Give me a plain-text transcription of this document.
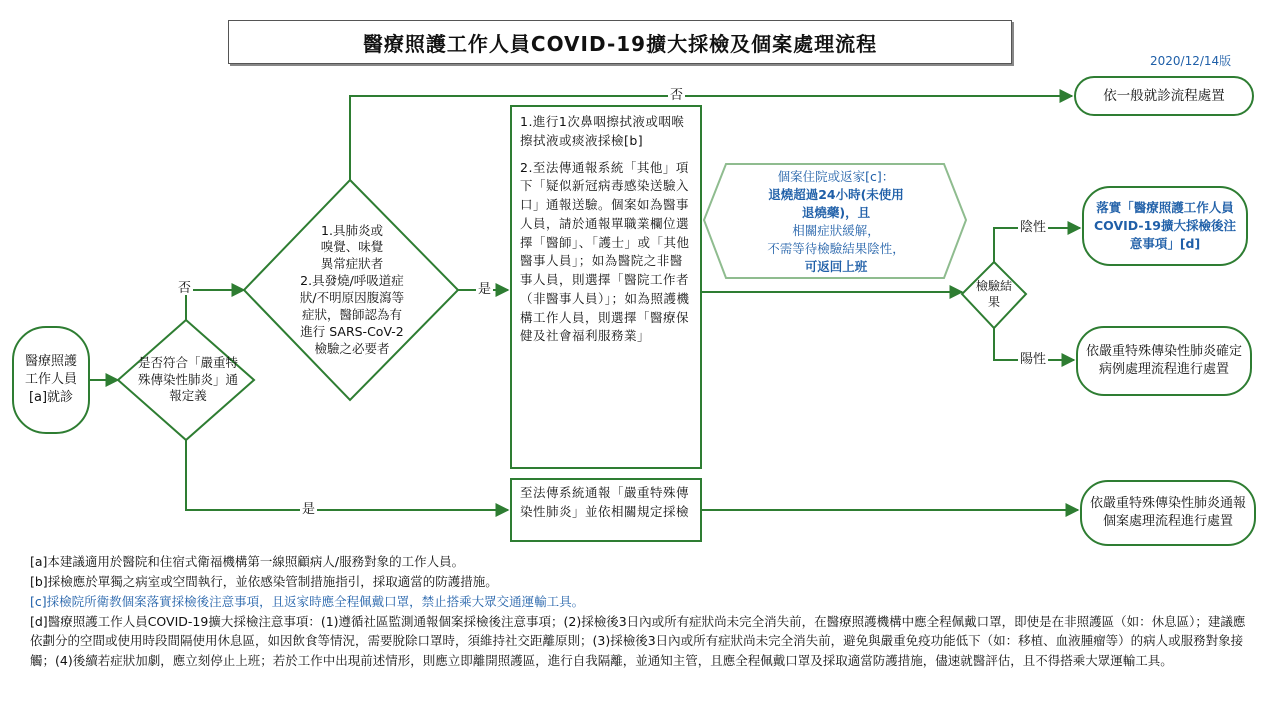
醫療照護工作人員COVID-19擴大採檢及個案處理流程
2020/12/14版
醫療照護工作人員[a]就診
是否符合「嚴重特殊傳染性肺炎」通報定義
1.具肺炎或
嗅覺、味覺
異常症狀者
2.具發燒/呼吸道症
狀/不明原因腹瀉等
症狀，醫師認為有
進行 SARS-CoV-2
檢驗之必要者
檢驗結果
1.進行1次鼻咽擦拭液或咽喉擦拭液或痰液採檢[b]
2.至法傳通報系統「其他」項下「疑似新冠病毒感染送驗入口」通報送驗。個案如為醫事人員，請於通報單職業欄位選擇「醫師」、「護士」或「其他醫事人員」；如為醫院之非醫事人員，則選擇「醫院工作者（非醫事人員）」；如為照護機構工作人員，則選擇「醫療保健及社會福利服務業」
至法傳系統通報「嚴重特殊傳染性肺炎」並依相關規定採檢
個案住院或返家[c]：
退燒超過24小時(未使用
退燒藥)，且
相關症狀緩解，
不需等待檢驗結果陰性，
可返回上班
依一般就診流程處置
落實「醫療照護工作人員COVID-19擴大採檢後注意事項」[d]
依嚴重特殊傳染性肺炎確定病例處理流程進行處置
依嚴重特殊傳染性肺炎通報個案處理流程進行處置
否
否
是
是
陰性
陽性
[a]本建議適用於醫院和住宿式衛福機構第一線照顧病人/服務對象的工作人員。
[b]採檢應於單獨之病室或空間執行，並依感染管制措施指引，採取適當的防護措施。
[c]採檢院所衛教個案落實採檢後注意事項，且返家時應全程佩戴口罩，禁止搭乘大眾交通運輸工具。
[d]醫療照護工作人員COVID-19擴大採檢注意事項：(1)遵循社區監測通報個案採檢後注意事項；(2)採檢後3日內或所有症狀尚未完全消失前，在醫療照護機構中應全程佩戴口罩，即使是在非照護區（如：休息區）；建議應依劃分的空間或使用時段間隔使用休息區，如因飲食等情況，需要脫除口罩時，須維持社交距離原則；(3)採檢後3日內或所有症狀尚未完全消失前，避免與嚴重免疫功能低下（如：移植、血液腫瘤等）的病人或服務對象接觸；(4)後續若症狀加劇，應立刻停止上班；若於工作中出現前述情形，則應立即離開照護區，進行自我隔離，並通知主管，且應全程佩戴口罩及採取適當防護措施，儘速就醫評估，且不得搭乘大眾運輸工具。
